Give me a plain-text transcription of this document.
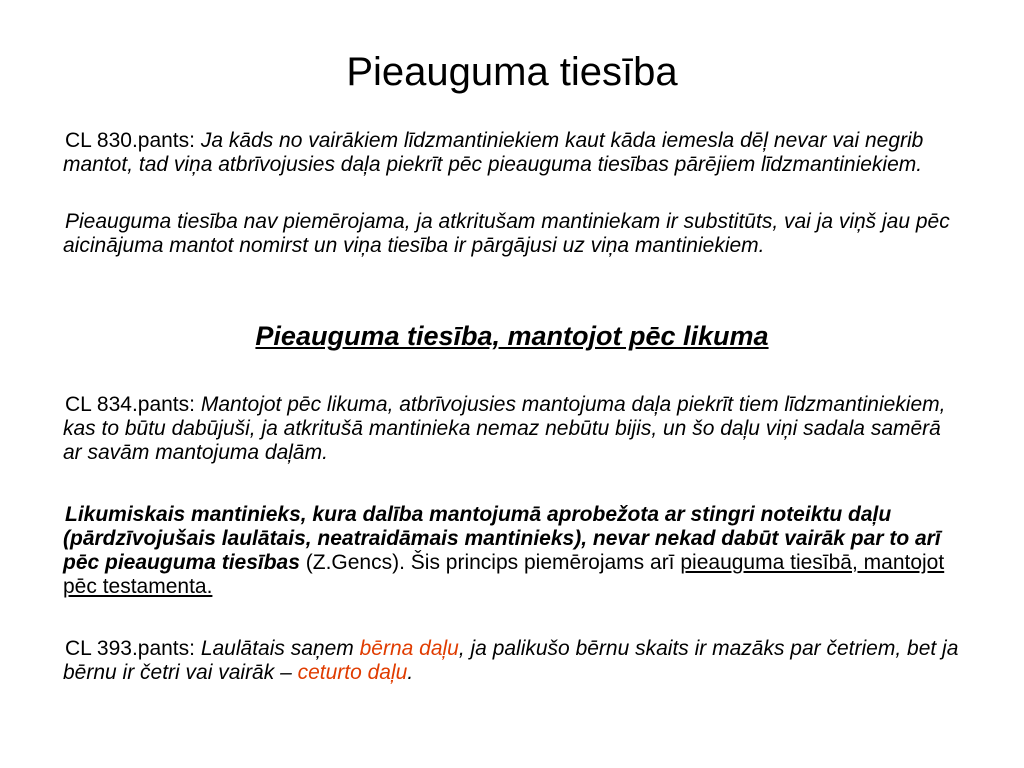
Pieauguma tiesība

CL 830.pants: Ja kāds no vairākiem līdzmantiniekiem kaut kāda iemesla dēļ nevar vai negrib mantot, tad viņa atbrīvojusies daļa piekrīt pēc pieauguma tiesības pārējiem līdzmantiniekiem.

Pieauguma tiesība nav piemērojama, ja atkritušam mantiniekam ir substitūts, vai ja viņš jau pēc aicinājuma mantot nomirst un viņa tiesība ir pārgājusi uz viņa mantiniekiem.

Pieauguma tiesība, mantojot pēc likuma

CL 834.pants: Mantojot pēc likuma, atbrīvojusies mantojuma daļa piekrīt tiem līdzmantiniekiem, kas to būtu dabūjuši, ja atkritušā mantinieka nemaz nebūtu bijis, un šo daļu viņi sadala samērā ar savām mantojuma daļām.

Likumiskais mantinieks, kura dalība mantojumā aprobežota ar stingri noteiktu daļu (pārdzīvojušais laulātais, neatraidāmais mantinieks), nevar nekad dabūt vairāk par to arī pēc pieauguma tiesības (Z.Gencs). Šis princips piemērojams arī pieauguma tiesībā, mantojot pēc testamenta.

CL 393.pants: Laulātais saņem bērna daļu, ja palikušo bērnu skaits ir mazāks par četriem, bet ja bērnu ir četri vai vairāk – ceturto daļu.
